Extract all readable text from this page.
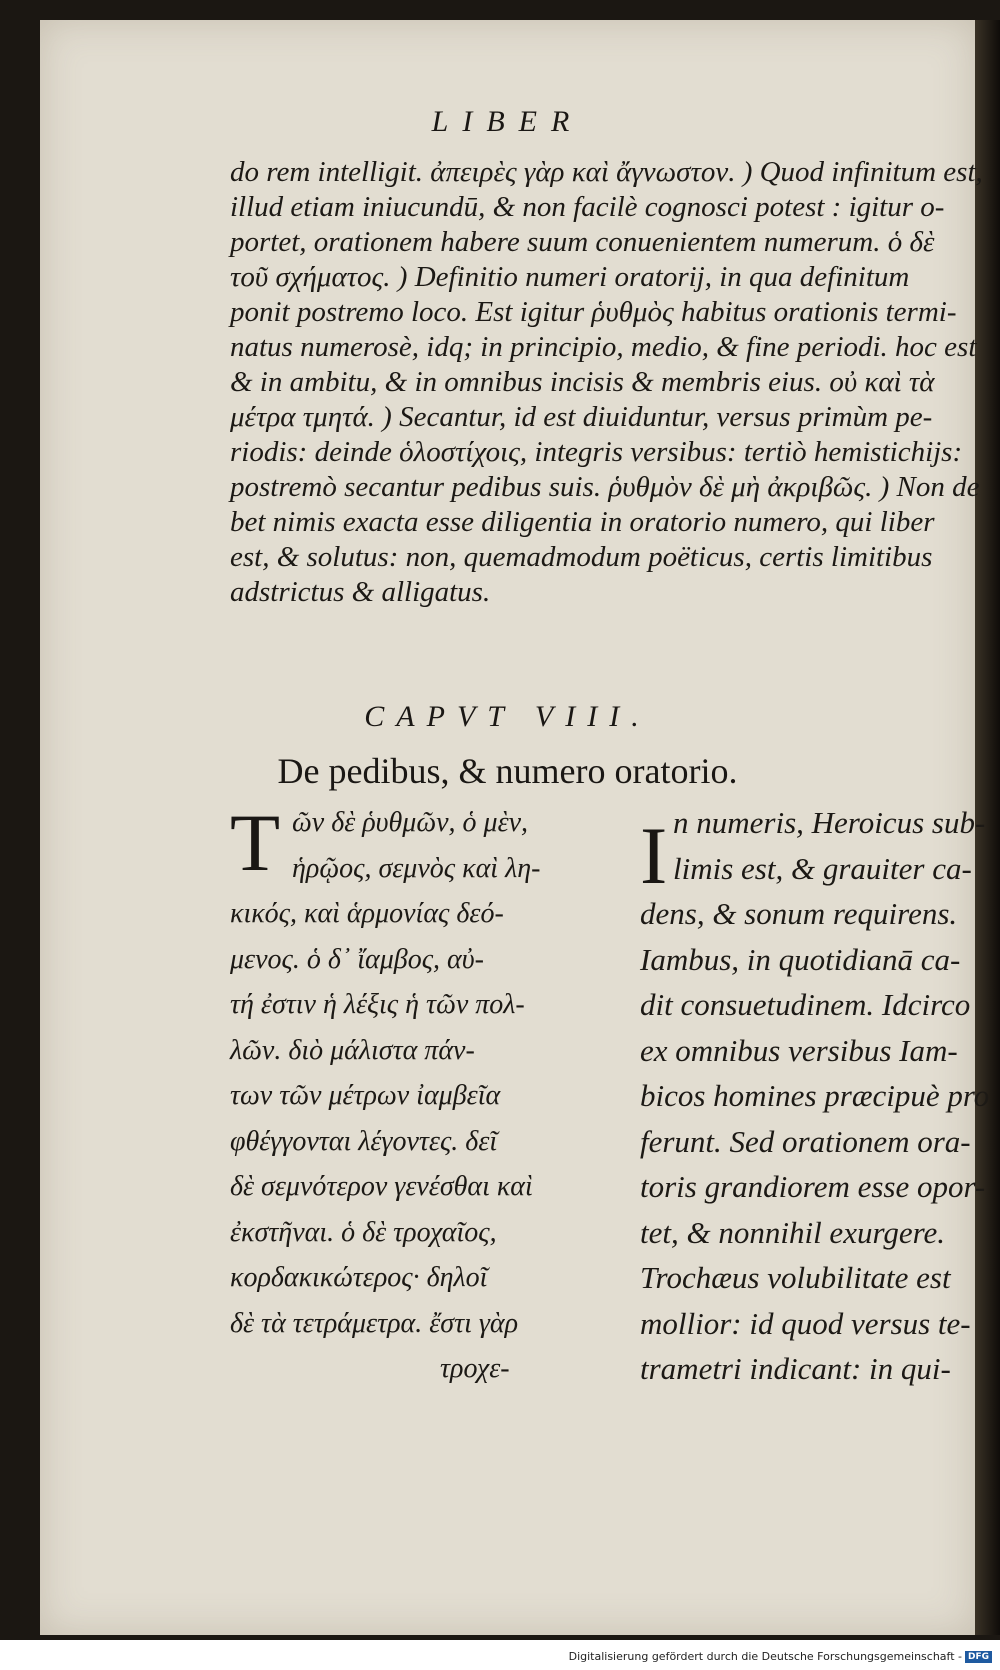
LIBER

do rem intelligit. ἀπειρὲς γὰρ καὶ ἄγνωστον. ) Quod infinitum est,

illud etiam iniucundū, & non facilè cognosci potest : igitur o-

portet, orationem habere suum conuenientem numerum. ὁ δὲ

τοῦ σχήματος. ) Definitio numeri oratorij, in qua definitum

ponit postremo loco. Est igitur ῥυθμὸς habitus orationis termi-

natus numerosè, idq; in principio, medio, & fine periodi. hoc est

& in ambitu, & in omnibus incisis & membris eius. οὐ καὶ τὰ

μέτρα τμητά. ) Secantur, id est diuiduntur, versus primùm pe-

riodis: deinde ὁλοστίχοις, integris versibus: tertiò hemistichijs:

postremò secantur pedibus suis. ῥυθμὸν δὲ μὴ ἀκριβῶς. ) Non de

bet nimis exacta esse diligentia in oratorio numero, qui liber

est, & solutus: non, quemadmodum poëticus, certis limitibus

adstrictus & alligatus.

CAPVT VIII.
De pedibus, & numero oratorio.
T ῶν δὲ ῥυθμῶν, ὁ μὲν,

ἡρῷος, σεμνὸς καὶ λη-

κικός, καὶ ἁρμονίας δεό-

μενος. ὁ δ᾽ ἴαμβος, αὐ-

τή ἐστιν ἡ λέξις ἡ τῶν πολ-

λῶν. διὸ μάλιστα πάν-

των τῶν μέτρων ἰαμβεῖα

φθέγγονται λέγοντες. δεῖ

δὲ σεμνότερον γενέσθαι καὶ

ἐκστῆναι. ὁ δὲ τροχαῖος,

κορδακικώτερος· δηλοῖ

δὲ τὰ τετράμετρα. ἔστι γὰρ

τροχε-

I n numeris, Heroicus sub-

limis est, & grauiter ca-

dens, & sonum requirens.

Iambus, in quotidianā ca-

dit consuetudinem. Idcirco

ex omnibus versibus Iam-

bicos homines præcipuè pro

ferunt. Sed orationem ora-

toris grandiorem esse opor-

tet, & nonnihil exurgere.

Trochæus volubilitate est

mollior: id quod versus te-

trametri indicant: in qui-

Digitalisierung gefördert durch die Deutsche Forschungsgemeinschaft - DFG
